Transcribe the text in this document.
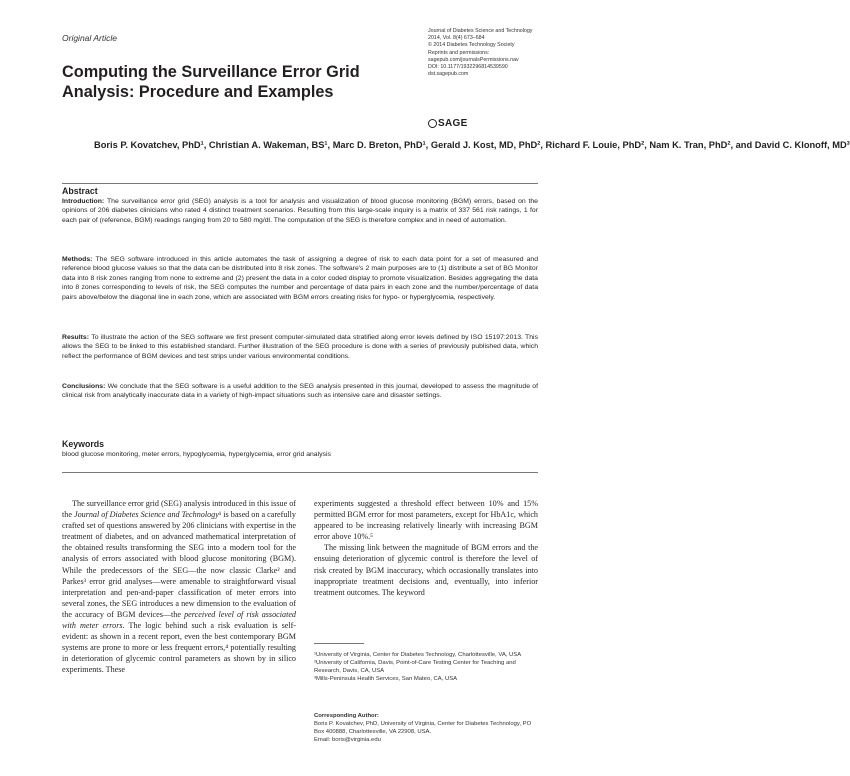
Original Article
Journal of Diabetes Science and Technology
2014, Vol. 8(4) 673–684
© 2014 Diabetes Technology Society
Reprints and permissions:
sagepub.com/journalsPermissions.nav
DOI: 10.1177/1932296814539590
dst.sagepub.com
SAGE
Computing the Surveillance Error Grid Analysis: Procedure and Examples
Boris P. Kovatchev, PhD¹, Christian A. Wakeman, BS¹, Marc D. Breton, PhD¹, Gerald J. Kost, MD, PhD², Richard F. Louie, PhD², Nam K. Tran, PhD², and David C. Klonoff, MD³
Abstract
Introduction: The surveillance error grid (SEG) analysis is a tool for analysis and visualization of blood glucose monitoring (BGM) errors, based on the opinions of 206 diabetes clinicians who rated 4 distinct treatment scenarios. Resulting from this large-scale inquiry is a matrix of 337 561 risk ratings, 1 for each pair of (reference, BGM) readings ranging from 20 to 580 mg/dl. The computation of the SEG is therefore complex and in need of automation.
Methods: The SEG software introduced in this article automates the task of assigning a degree of risk to each data point for a set of measured and reference blood glucose values so that the data can be distributed into 8 risk zones. The software's 2 main purposes are to (1) distribute a set of BG Monitor data into 8 risk zones ranging from none to extreme and (2) present the data in a color coded display to promote visualization. Besides aggregating the data into 8 zones corresponding to levels of risk, the SEG computes the number and percentage of data pairs in each zone and the number/percentage of data pairs above/below the diagonal line in each zone, which are associated with BGM errors creating risks for hypo- or hyperglycemia, respectively.
Results: To illustrate the action of the SEG software we first present computer-simulated data stratified along error levels defined by ISO 15197:2013. This allows the SEG to be linked to this established standard. Further illustration of the SEG procedure is done with a series of previously published data, which reflect the performance of BGM devices and test strips under various environmental conditions.
Conclusions: We conclude that the SEG software is a useful addition to the SEG analysis presented in this journal, developed to assess the magnitude of clinical risk from analytically inaccurate data in a variety of high-impact situations such as intensive care and disaster settings.
Keywords
blood glucose monitoring, meter errors, hypoglycemia, hyperglycemia, error grid analysis

The surveillance error grid (SEG) analysis introduced in this issue of the Journal of Diabetes Science and Technology¹ is based on a carefully crafted set of questions answered by 206 clinicians with expertise in the treatment of diabetes, and on advanced mathematical interpretation of the obtained results transforming the SEG into a modern tool for the analysis of errors associated with blood glucose monitoring (BGM). While the predecessors of the SEG—the now classic Clarke² and Parkes³ error grid analyses—were amenable to straightforward visual interpretation and pen-and-paper classification of meter errors into several zones, the SEG introduces a new dimension to the evaluation of the accuracy of BGM devices—the perceived level of risk associated with meter errors. The logic behind such a risk evaluation is self-evident: as shown in a recent report, even the best contemporary BGM systems are prone to more or less frequent errors,⁴ potentially resulting in deterioration of glycemic control parameters as shown by in silico experiments. These

experiments suggested a threshold effect between 10% and 15% permitted BGM error for most parameters, except for HbA1c, which appeared to be increasing relatively linearly with increasing BGM error above 10%.⁵

The missing link between the magnitude of BGM errors and the ensuing deterioration of glycemic control is therefore the level of risk created by BGM inaccuracy, which occasionally translates into inappropriate treatment decisions and, eventually, into inferior treatment outcomes. The keyword

¹University of Virginia, Center for Diabetes Technology, Charlottesville, VA, USA
²University of California, Davis, Point-of-Care Testing Center for Teaching and Research, Davis, CA, USA
³Mills-Peninsula Health Services, San Mateo, CA, USA
Corresponding Author:
Boris P. Kovatchev, PhD, University of Virginia, Center for Diabetes Technology, PO Box 400888, Charlottesville, VA 22908, USA.
Email: boris@virginia.edu
